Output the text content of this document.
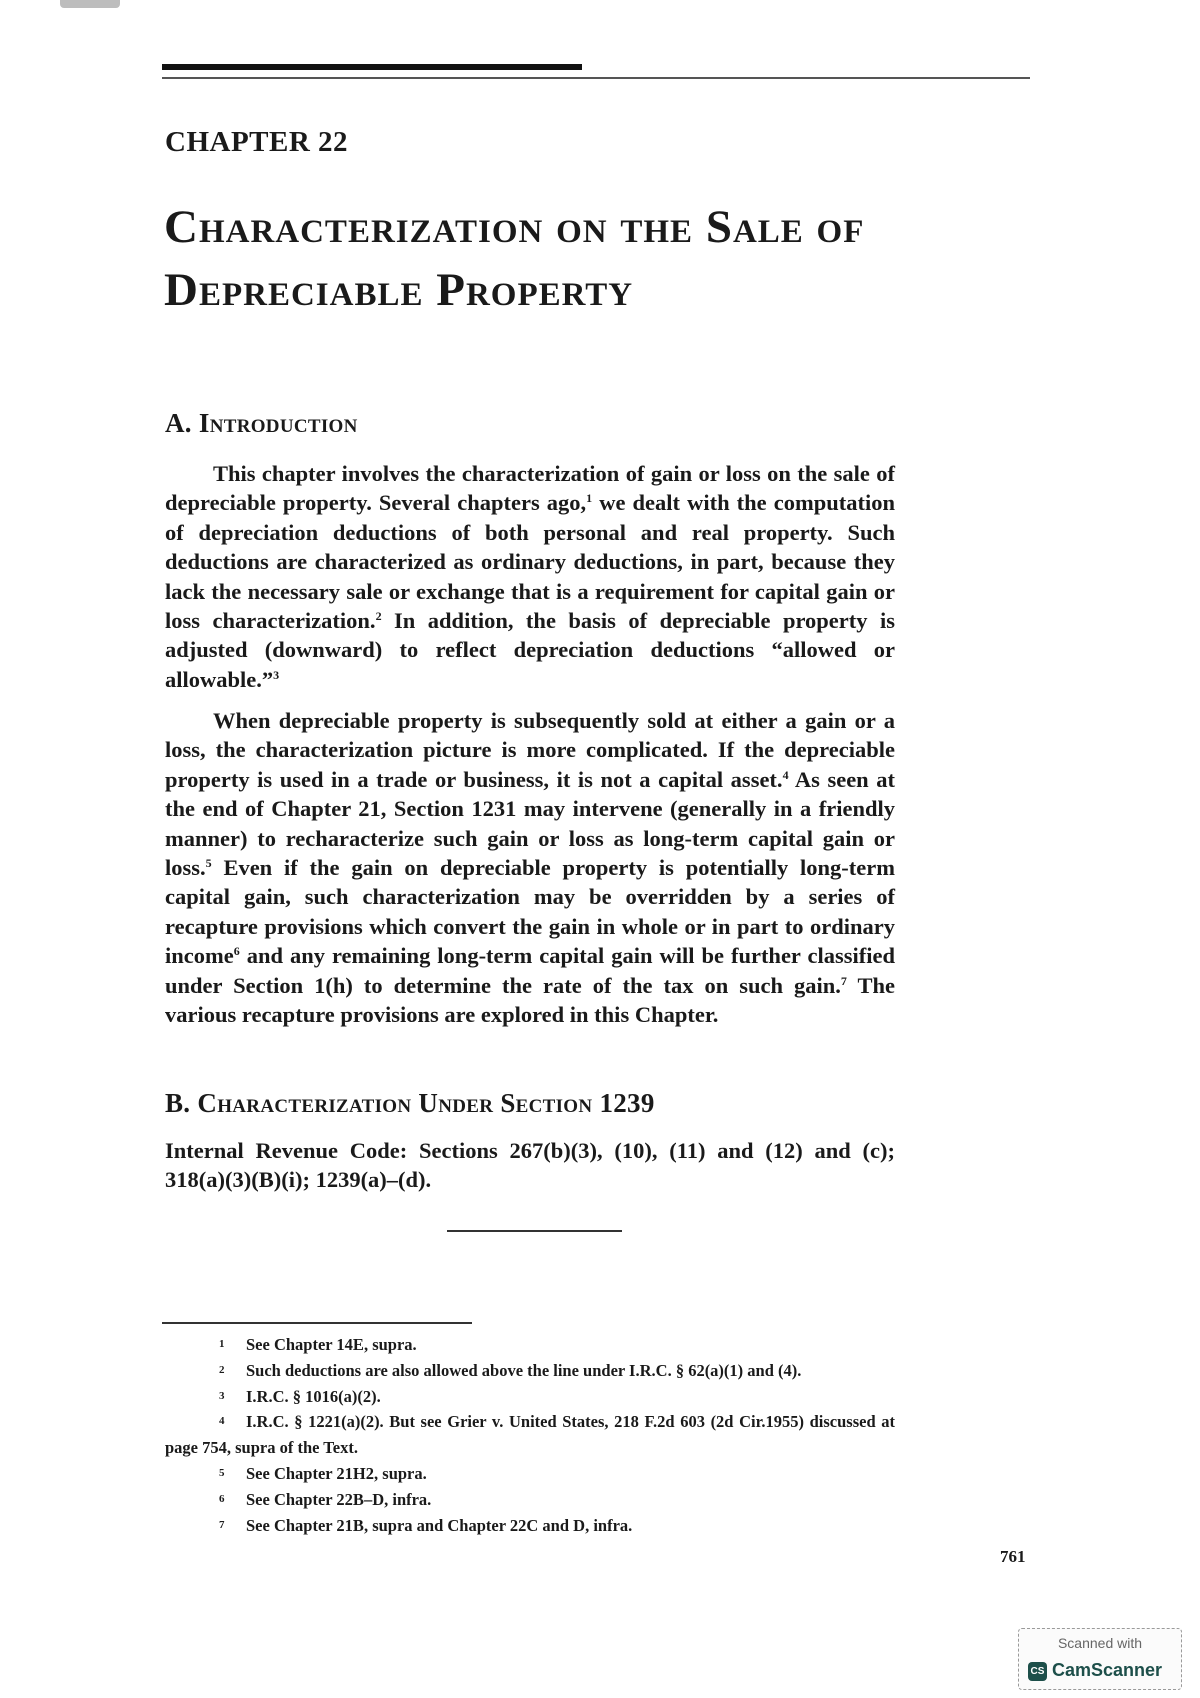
CHAPTER 22
Characterization on the Sale of Depreciable Property
A. Introduction

This chapter involves the characterization of gain or loss on the sale of depreciable property. Several chapters ago,$^1$ we dealt with the computation of depreciation deductions of both personal and real property. Such deductions are characterized as ordinary deductions, in part, because they lack the necessary sale or exchange that is a requirement for capital gain or loss characterization.$^2$ In addition, the basis of depreciable property is adjusted (downward) to reflect depreciation deductions “allowed or allowable.”$^3$

When depreciable property is subsequently sold at either a gain or a loss, the characterization picture is more complicated. If the depreciable property is used in a trade or business, it is not a capital asset.$^4$ As seen at the end of Chapter 21, Section 1231 may intervene (generally in a friendly manner) to recharacterize such gain or loss as long-term capital gain or loss.$^5$ Even if the gain on depreciable property is potentially long-term capital gain, such characterization may be overridden by a series of recapture provisions which convert the gain in whole or in part to ordinary income$^6$ and any remaining long-term capital gain will be further classified under Section 1(h) to determine the rate of the tax on such gain.$^7$ The various recapture provisions are explored in this Chapter.

B. Characterization Under Section 1239

Internal Revenue Code: Sections 267(b)(3), (10), (11) and (12) and (c); 318(a)(3)(B)(i); 1239(a)–(d).

1 See Chapter 14E, supra.
2 Such deductions are also allowed above the line under I.R.C. § 62(a)(1) and (4).
3 I.R.C. § 1016(a)(2).
4 I.R.C. § 1221(a)(2). But see Grier v. United States, 218 F.2d 603 (2d Cir.1955) discussed at page 754, supra of the Text.
5 See Chapter 21H2, supra.
6 See Chapter 22B–D, infra.
7 See Chapter 21B, supra and Chapter 22C and D, infra.
761
Scanned with
CS CamScanner
